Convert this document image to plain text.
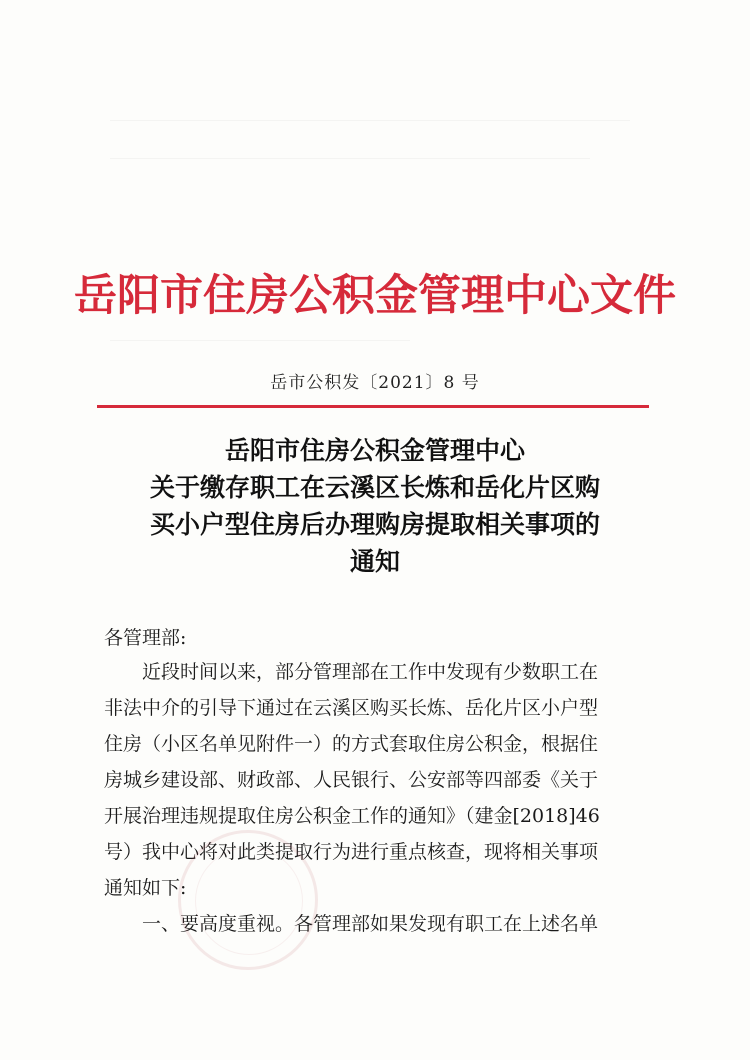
岳阳市住房公积金管理中心文件
岳市公积发〔2021〕8 号
岳阳市住房公积金管理中心
关于缴存职工在云溪区长炼和岳化片区购
买小户型住房后办理购房提取相关事项的
通知
各管理部:
近段时间以来，部分管理部在工作中发现有少数职工在
非法中介的引导下通过在云溪区购买长炼、岳化片区小户型
住房（小区名单见附件一）的方式套取住房公积金，根据住
房城乡建设部、财政部、人民银行、公安部等四部委《关于
开展治理违规提取住房公积金工作的通知》（建金[2018]46
号）我中心将对此类提取行为进行重点核查，现将相关事项
通知如下:
一、要高度重视。各管理部如果发现有职工在上述名单
